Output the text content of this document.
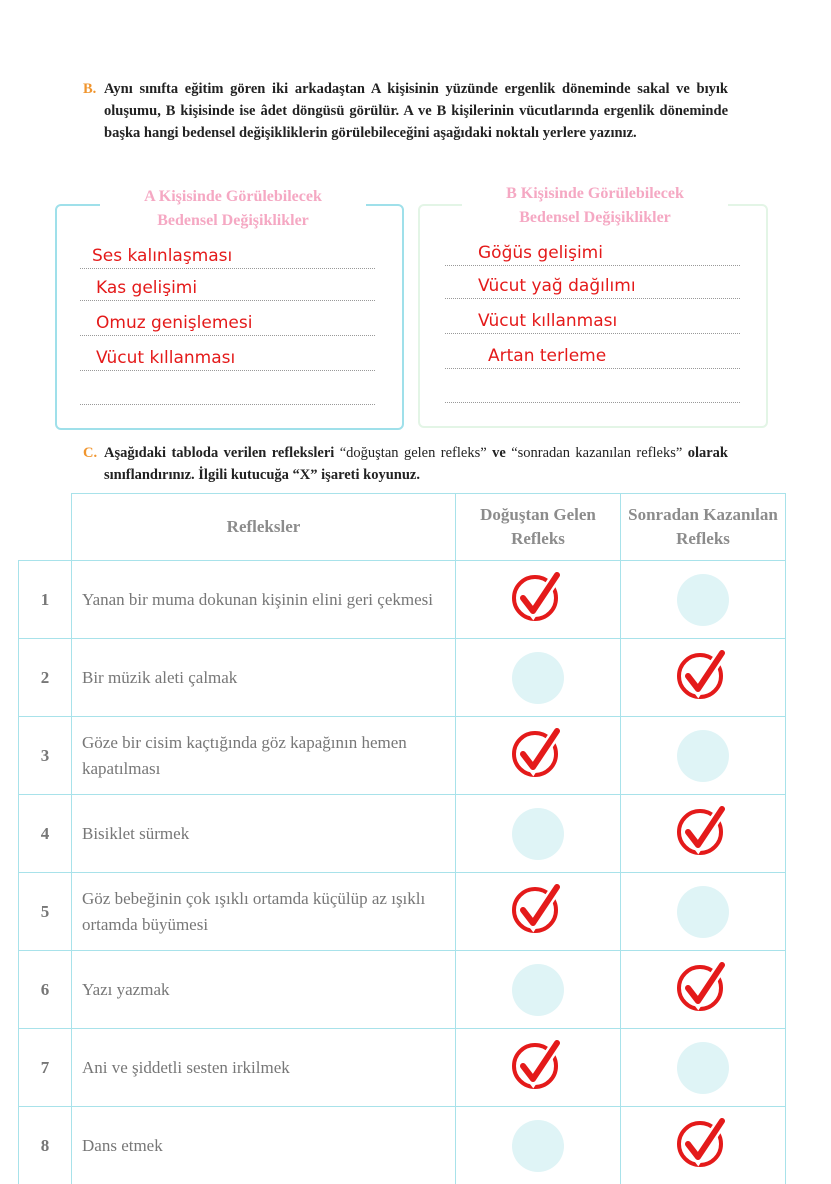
B. Aynı sınıfta eğitim gören iki arkadaştan A kişisinin yüzünde ergenlik döneminde sakal ve bıyık oluşumu, B kişisinde ise âdet döngüsü görülür. A ve B kişilerinin vücutlarında ergenlik döneminde başka hangi bedensel değişikliklerin görülebileceğini aşağıdaki noktalı yerlere yazınız.
A Kişisinde Görülebilecek
Bedensel Değişiklikler
B Kişisinde Görülebilecek
Bedensel Değişiklikler
Ses kalınlaşması
Kas gelişimi
Omuz genişlemesi
Vücut kıllanması
Göğüs gelişimi
Vücut yağ dağılımı
Vücut kıllanması
Artan terleme
C. Aşağıdaki tabloda verilen refleksleri “doğuştan gelen refleks” ve “sonradan kazanılan refleks” olarak sınıflandırınız. İlgili kutucuğa “X” işareti koyunuz.
	Refleksler	Doğuştan Gelen Refleks	Sonradan Kazanılan Refleks
1	Yanan bir muma dokunan kişinin elini geri çekmesi		
2	Bir müzik aleti çalmak		
3	Göze bir cisim kaçtığında göz kapağının hemen kapatılması		
4	Bisiklet sürmek		
5	Göz bebeğinin çok ışıklı ortamda küçülüp az ışıklı ortamda büyümesi		
6	Yazı yazmak		
7	Ani ve şiddetli sesten irkilmek		
8	Dans etmek		
